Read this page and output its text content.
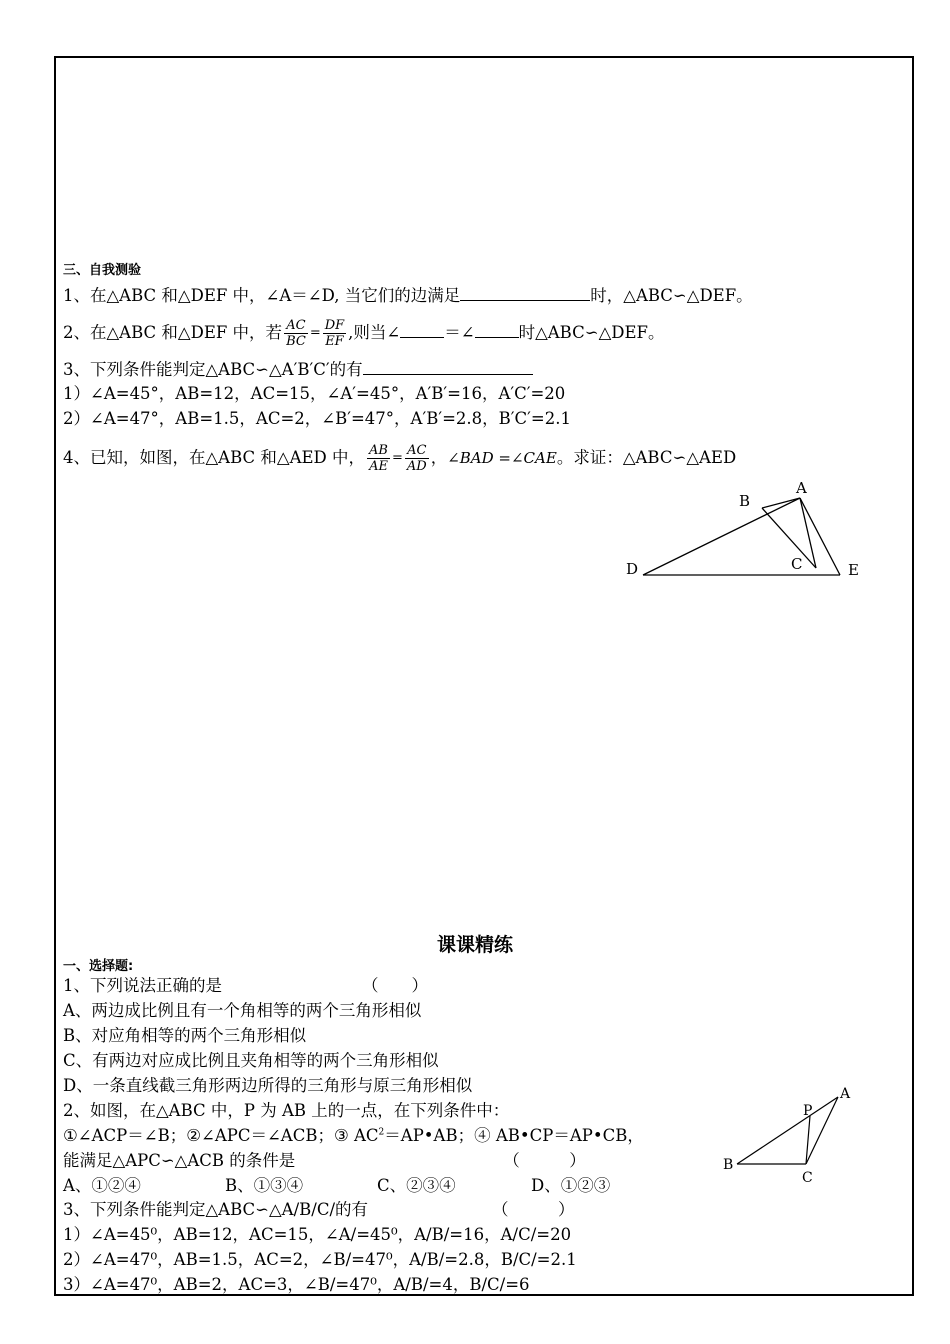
三、自我测验
1、在△ABC 和△DEF 中，∠A＝∠D, 当它们的边满足	时，△ABC∽△DEF。
2、在△ABC 和△DEF 中，若 $\frac{AC}{BC} = \frac{DF}{EF}$ ,则当∠	＝∠	时△ABC∽△DEF。
3、下列条件能判定△ABC∽△A′B′C′的有
1）∠A=45°，AB=12，AC=15，∠A′=45°，A′B′=16，A′C′=20
2）∠A=47°，AB=1.5，AC=2，∠B′=47°，A′B′=2.8，B′C′=2.1
4、已知，如图，在△ABC 和△AED 中， $\frac{AB}{AE} = \frac{AC}{AD}$ ，∠BAD =∠CAE。求证：△ABC∽△AED
A
B
C
D	E
A
P
B
C
课课精练
一、选择题:
1、下列说法正确的是	（　　）
A、两边成比例且有一个角相等的两个三角形相似
B、对应角相等的两个三角形相似
C、有两边对应成比例且夹角相等的两个三角形相似
D、一条直线截三角形两边所得的三角形与原三角形相似
2、如图，在△ABC 中，P 为 AB 上的一点，在下列条件中：
①∠ACP＝∠B；②∠APC＝∠ACB；③ $AC^2=AP•AB$；④ AB•CP＝AP•CB，
能满足△APC∽△ACB 的条件是	（　　　）
A、①②④	B、①③④	C、②③④	D、①②③
3、下列条件能判定△ABC∽△A/B/C/的有	（　　　）
1）∠A=45⁰，AB=12，AC=15，∠A/=45⁰，A/B/=16，A/C/=20
2）∠A=47⁰，AB=1.5，AC=2，∠B/=47⁰，A/B/=2.8，B/C/=2.1
3）∠A=47⁰，AB=2，AC=3，∠B/=47⁰，A/B/=4，B/C/=6
